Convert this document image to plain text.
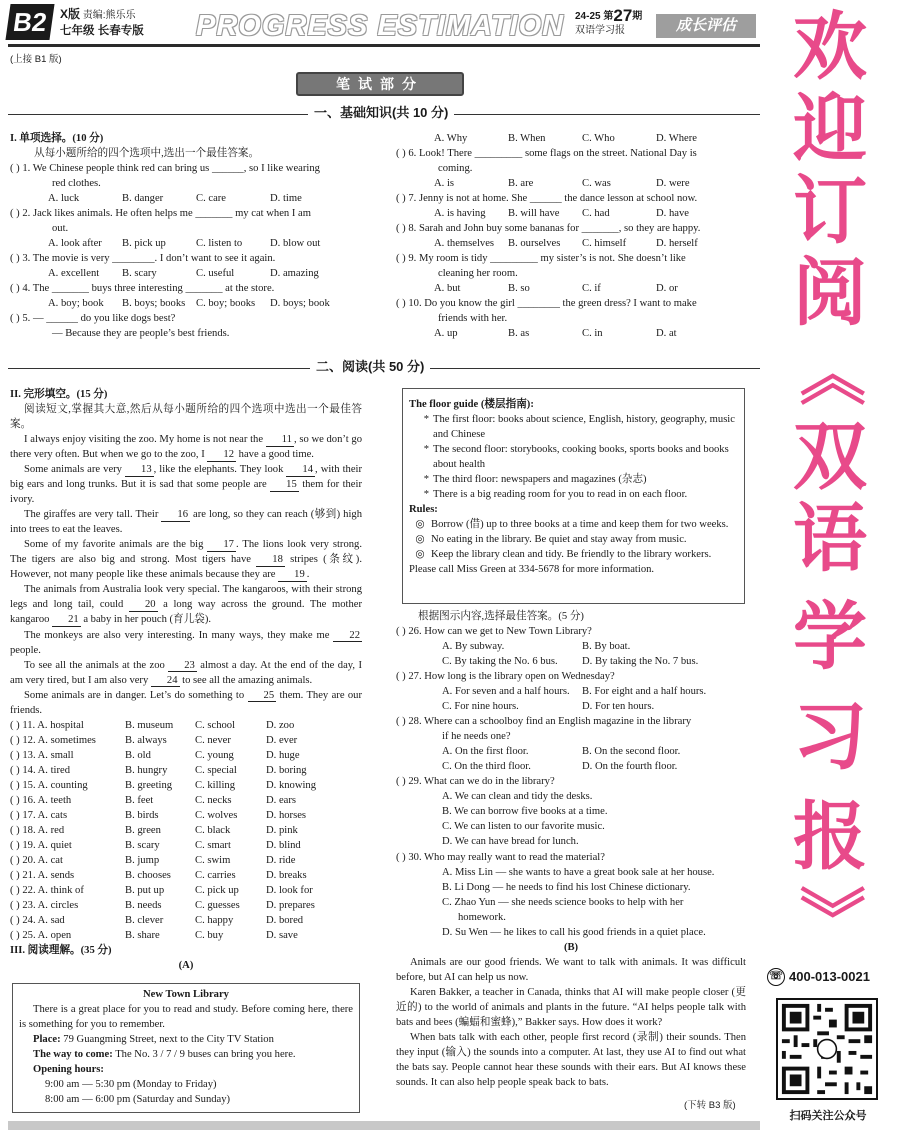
B2 X版 责编:熊乐乐
七年级 长春专版 PROGRESS ESTIMATION 24-25 第27期
双语学习报	成长评估
(上接 B1 版)
笔试部分
一、基础知识(共 10 分)
I. 单项选择。(10 分)
从每小题所给的四个选项中,选出一个最佳答案。
( ) 1. We Chinese people think red can bring us ______, so I like wearing
red clothes.
A. luck	B. danger	C. care	D. time
( ) 2. Jack likes animals. He often helps me _______ my cat when I am
out.
A. look after	B. pick up	C. listen to	D. blow out
( ) 3. The movie is very ________. I don’t want to see it again.
A. excellent	B. scary	C. useful	D. amazing
( ) 4. The _______ buys three interesting _______ at the store.
A. boy; book	B. boys; books	C. boy; books	D. boys; book
( ) 5. — ______ do you like dogs best?
— Because they are people’s best friends.
A. Why	B. When	C. Who	D. Where
( ) 6. Look! There _________ some flags on the street. National Day is
coming.
A. is	B. are	C. was	D. were
( ) 7. Jenny is not at home. She ______ the dance lesson at school now.
A. is having	B. will have	C. had	D. have
( ) 8. Sarah and John buy some bananas for _______, so they are happy.
A. themselves	B. ourselves	C. himself	D. herself
( ) 9. My room is tidy _________ my sister’s is not. She doesn’t like
cleaning her room.
A. but	B. so	C. if	D. or
( ) 10. Do you know the girl ________ the green dress? I want to make
friends with her.
A. up	B. as	C. in	D. at
二、阅读(共 50 分)
II. 完形填空。(15 分)
阅读短文,掌握其大意,然后从每小题所给的四个选项中选出一个最佳答案。
I always enjoy visiting the zoo. My home is not near the 11 , so we don’t go there very often. But when we go to the zoo, I 12 have a good time.
Some animals are very 13 , like the elephants. They look 14 , with their big ears and long trunks. But it is sad that some people are 15 them for their ivory.
The giraffes are very tall. Their 16 are long, so they can reach (够到) high into trees to eat the leaves.
Some of my favorite animals are the big 17 . The lions look very strong. The tigers are also big and strong. Most tigers have 18 stripes (条纹). However, not many people like these animals because they are 19 .
The animals from Australia look very special. The kangaroos, with their strong legs and long tail, could 20 a long way across the ground. The mother kangaroo 21 a baby in her pouch (育儿袋).
The monkeys are also very interesting. In many ways, they make me 22 people.
To see all the animals at the zoo 23 almost a day. At the end of the day, I am very tired, but I am also very 24 to see all the amazing animals.
Some animals are in danger. Let’s do something to 25 them. They are our friends.
( ) 11. A. hospital	B. museum	C. school	D. zoo
( ) 12. A. sometimes	B. always	C. never	D. ever
( ) 13. A. small	B. old	C. young	D. huge
( ) 14. A. tired	B. hungry	C. special	D. boring
( ) 15. A. counting	B. greeting	C. killing	D. knowing
( ) 16. A. teeth	B. feet	C. necks	D. ears
( ) 17. A. cats	B. birds	C. wolves	D. horses
( ) 18. A. red	B. green	C. black	D. pink
( ) 19. A. quiet	B. scary	C. smart	D. blind
( ) 20. A. cat	B. jump	C. swim	D. ride
( ) 21. A. sends	B. chooses	C. carries	D. breaks
( ) 22. A. think of	B. put up	C. pick up	D. look for
( ) 23. A. circles	B. needs	C. guesses	D. prepares
( ) 24. A. sad	B. clever	C. happy	D. bored
( ) 25. A. open	B. share	C. buy	D. save
III. 阅读理解。(35 分)
(A)
New Town Library
There is a great place for you to read and study. Before coming here, there is something for you to remember.
Place: 79 Guangming Street, next to the City TV Station
The way to come: The No. 3 / 7 / 9 buses can bring you here.
Opening hours:
9:00 am — 5:30 pm (Monday to Friday)
8:00 am — 6:00 pm (Saturday and Sunday)
The floor guide (楼层指南):
* The first floor: books about science, English, history, geography, music and Chinese
* The second floor: storybooks, cooking books, sports books and books about health
* The third floor: newspapers and magazines (杂志)
* There is a big reading room for you to read in on each floor.
Rules:
◎ Borrow (借) up to three books at a time and keep them for two weeks.
◎ No eating in the library. Be quiet and stay away from music.
◎ Keep the library clean and tidy. Be friendly to the library workers.
Please call Miss Green at 334-5678 for more information.
根据图示内容,选择最佳答案。(5 分)
( ) 26. How can we get to New Town Library?
A. By subway.	B. By boat.
C. By taking the No. 6 bus.	D. By taking the No. 7 bus.
( ) 27. How long is the library open on Wednesday?
A. For seven and a half hours.	B. For eight and a half hours.
C. For nine hours.	D. For ten hours.
( ) 28. Where can a schoolboy find an English magazine in the library
if he needs one?
A. On the first floor.	B. On the second floor.
C. On the third floor.	D. On the fourth floor.
( ) 29. What can we do in the library?
A. We can clean and tidy the desks.
B. We can borrow five books at a time.
C. We can listen to our favorite music.
D. We can have bread for lunch.
( ) 30. Who may really want to read the material?
A. Miss Lin — she wants to have a great book sale at her house.
B. Li Dong — he needs to find his lost Chinese dictionary.
C. Zhao Yun — she needs science books to help with her
homework.
D. Su Wen — he likes to call his good friends in a quiet place.
(B)
Animals are our good friends. We want to talk with animals. It was difficult before, but AI can help us now.
Karen Bakker, a teacher in Canada, thinks that AI will make people closer (更近的) to the world of animals and plants in the future. “AI helps people talk with bats and bees (蝙蝠和蜜蜂),” Bakker says. How does it work?
When bats talk with each other, people first record (录制) their sounds. Then they input (输入) the sounds into a computer. At last, they use AI to find out what the bats say. People cannot hear these sounds with their ears. But AI knows these sounds. It can also help people speak back to bats.
(下转 B3 版)
欢
迎
订
阅
《
双
语
学
习
报
》
☏ 400-013-0021
扫码关注公众号
